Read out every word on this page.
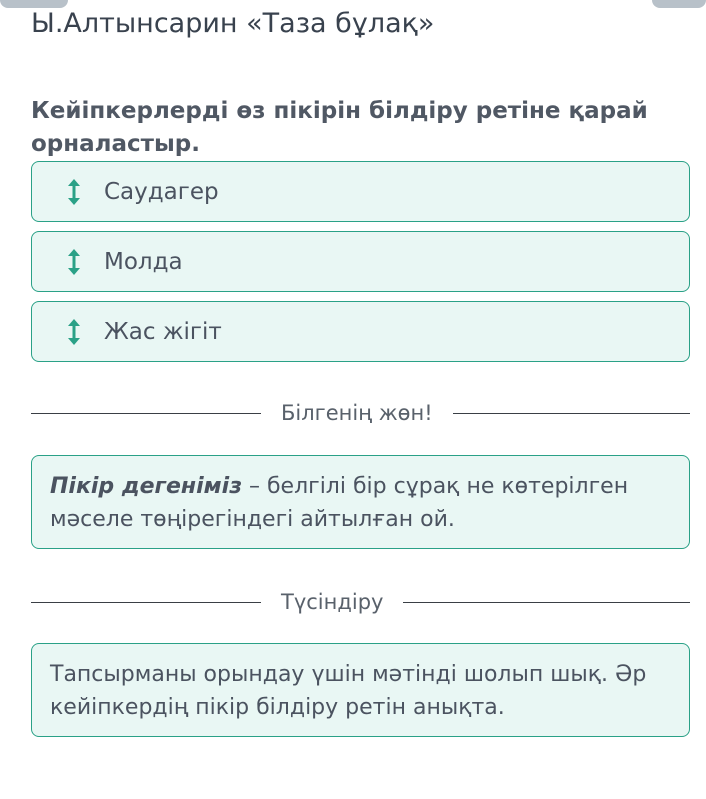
Ы.Алтынсарин «Таза бұлақ»
Кейіпкерлерді өз пікірін білдіру ретіне қарай орналастыр.
Саудагер
Молда
Жас жігіт
Білгенің жөн!
Пікір дегеніміз – белгілі бір сұрақ не көтерілген мәселе төңірегіндегі айтылған ой.
Түсіндіру
Тапсырманы орындау үшін мәтінді шолып шық. Әр кейіпкердің пікір білдіру ретін анықта.
